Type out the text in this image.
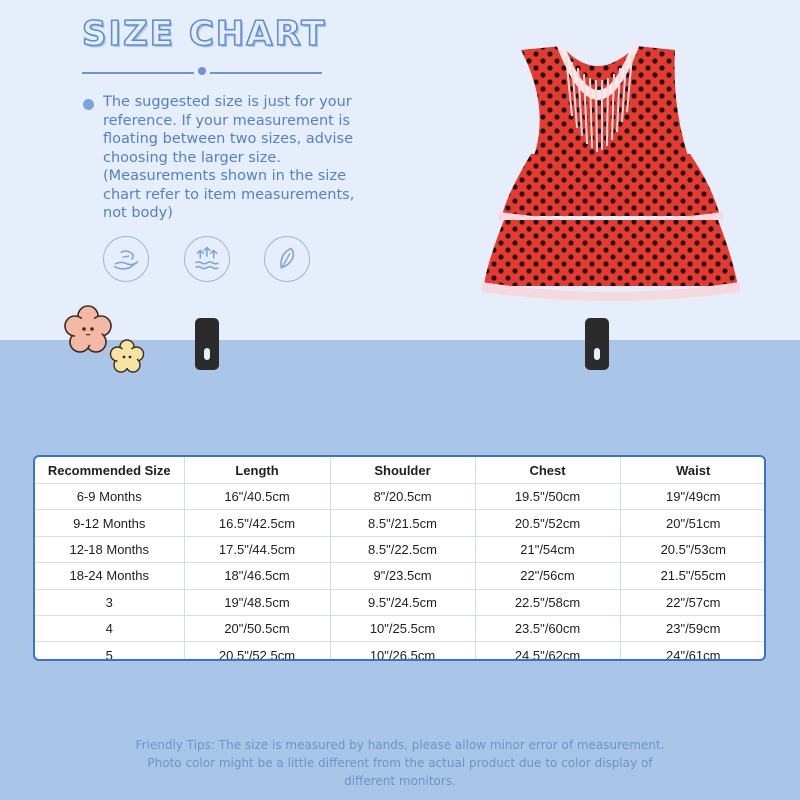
SIZE CHART

The suggested size is just for your
reference. If your measurement is
floating between two sizes, advise
choosing the larger size.
(Measurements shown in the size
chart refer to item measurements,
not body)

Recommended Size	Length	Shoulder	Chest	Waist
6-9 Months	16"/40.5cm	8"/20.5cm	19.5"/50cm	19"/49cm
9-12 Months	16.5"/42.5cm	8.5"/21.5cm	20.5"/52cm	20"/51cm
12-18 Months	17.5"/44.5cm	8.5"/22.5cm	21"/54cm	20.5"/53cm
18-24 Months	18"/46.5cm	9"/23.5cm	22"/56cm	21.5"/55cm
3	19"/48.5cm	9.5"/24.5cm	22.5"/58cm	22"/57cm
4	20"/50.5cm	10"/25.5cm	23.5"/60cm	23"/59cm
5	20.5"/52.5cm	10"/26.5cm	24.5"/62cm	24"/61cm

Friendly Tips: The size is measured by hands, please allow minor error of measurement.
Photo color might be a little different from the actual product due to color display of
different monitors.
